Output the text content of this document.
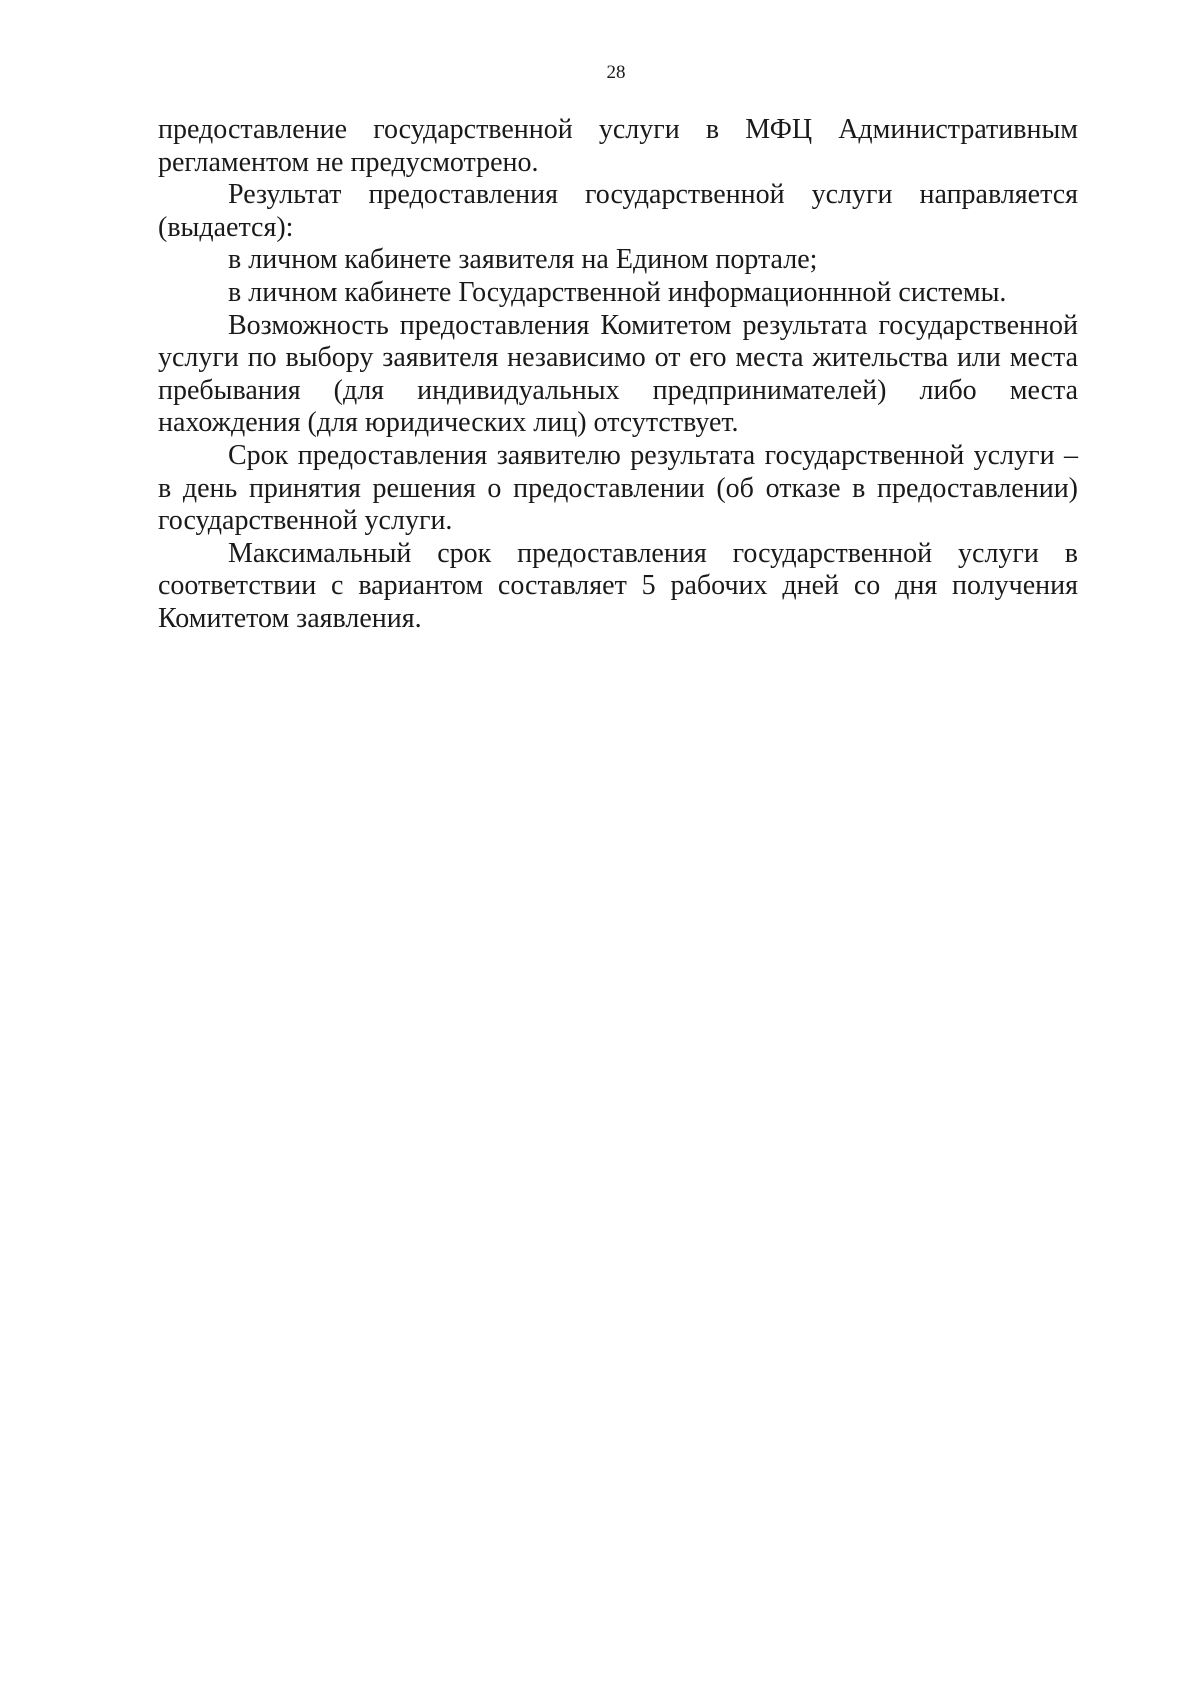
28

предоставление государственной услуги в МФЦ Административным регламентом не предусмотрено.

Результат предоставления государственной услуги направляется (выдается):

в личном кабинете заявителя на Едином портале;

в личном кабинете Государственной информационнной системы.

Возможность предоставления Комитетом результата государственной услуги по выбору заявителя независимо от его места жительства или места пребывания (для индивидуальных предпринимателей) либо места нахождения (для юридических лиц) отсутствует.

Срок предоставления заявителю результата государственной услуги – в день принятия решения о предоставлении (об отказе в предоставлении) государственной услуги.

Максимальный срок предоставления государственной услуги в соответствии с вариантом составляет 5 рабочих дней со дня получения Комитетом заявления.
